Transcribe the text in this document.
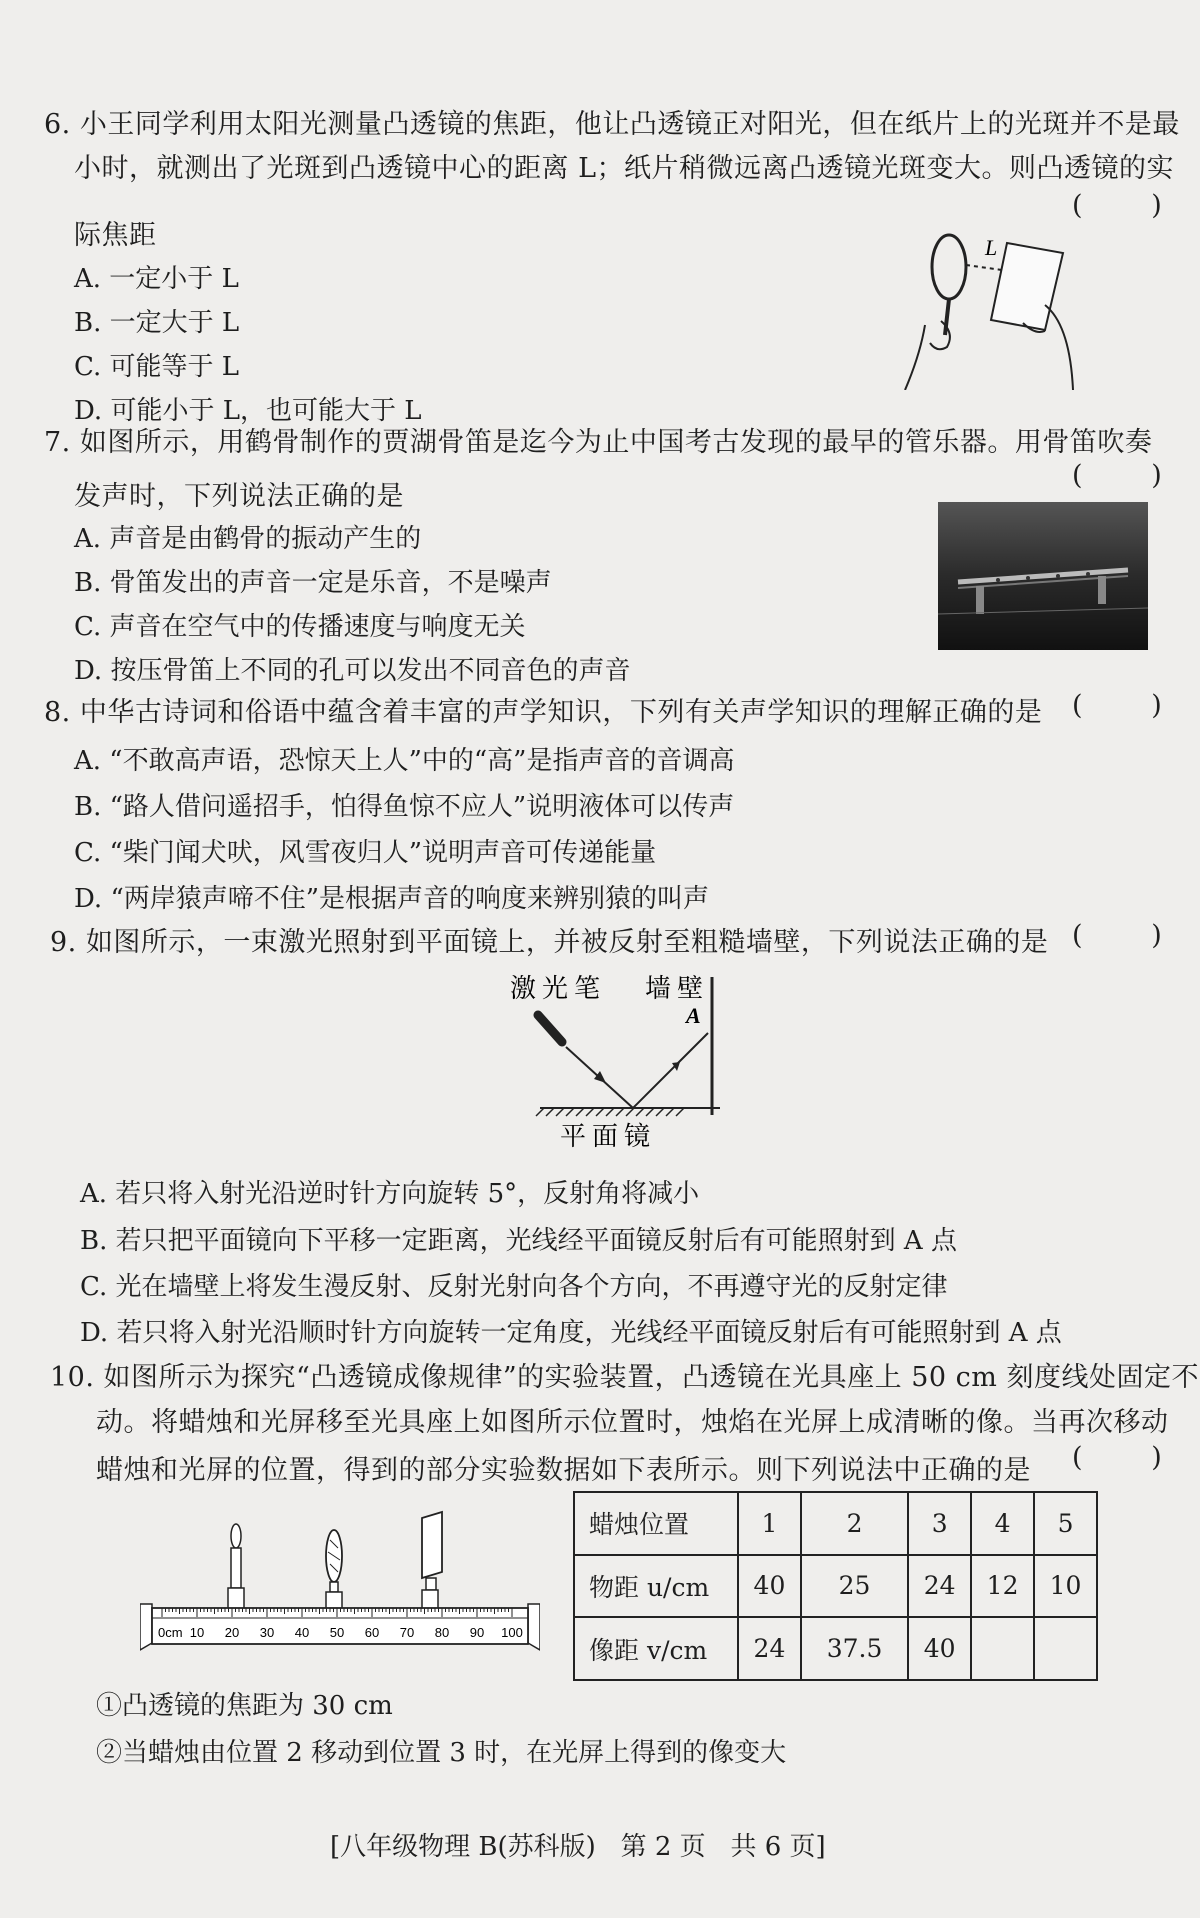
6. 小王同学利用太阳光测量凸透镜的焦距，他让凸透镜正对阳光，但在纸片上的光斑并不是最
小时，就测出了光斑到凸透镜中心的距离 L；纸片稍微远离凸透镜光斑变大。则凸透镜的实
(        )
际焦距
A. 一定小于 L
B. 一定大于 L
C. 可能等于 L
D. 可能小于 L，也可能大于 L
L
7. 如图所示，用鹤骨制作的贾湖骨笛是迄今为止中国考古发现的最早的管乐器。用骨笛吹奏
(        )
发声时，下列说法正确的是
A. 声音是由鹤骨的振动产生的
B. 骨笛发出的声音一定是乐音，不是噪声
C. 声音在空气中的传播速度与响度无关
D. 按压骨笛上不同的孔可以发出不同音色的声音
8. 中华古诗词和俗语中蕴含着丰富的声学知识，下列有关声学知识的理解正确的是 (        )
A. “不敢高声语，恐惊天上人”中的“高”是指声音的音调高
B. “路人借问遥招手，怕得鱼惊不应人”说明液体可以传声
C. “柴门闻犬吠，风雪夜归人”说明声音可传递能量
D. “两岸猿声啼不住”是根据声音的响度来辨别猿的叫声
9. 如图所示，一束激光照射到平面镜上，并被反射至粗糙墙壁，下列说法正确的是 (        )
激光笔 墙壁
A
平面镜
A. 若只将入射光沿逆时针方向旋转 5°，反射角将减小
B. 若只把平面镜向下平移一定距离，光线经平面镜反射后有可能照射到 A 点
C. 光在墙壁上将发生漫反射、反射光射向各个方向，不再遵守光的反射定律
D. 若只将入射光沿顺时针方向旋转一定角度，光线经平面镜反射后有可能照射到 A 点
10. 如图所示为探究“凸透镜成像规律”的实验装置，凸透镜在光具座上 50 cm 刻度线处固定不
动。将蜡烛和光屏移至光具座上如图所示位置时，烛焰在光屏上成清晰的像。当再次移动
蜡烛和光屏的位置，得到的部分实验数据如下表所示。则下列说法中正确的是 (        )
0cm 10 20 30 40 50 60 70 80 90 100
蜡烛位置	1	2	3	4	5
物距 u/cm	40	25	24	12	10
像距 v/cm	24	37.5	40		
①凸透镜的焦距为 30 cm
②当蜡烛由位置 2 移动到位置 3 时，在光屏上得到的像变大
[八年级物理 B(苏科版)   第 2 页   共 6 页]
